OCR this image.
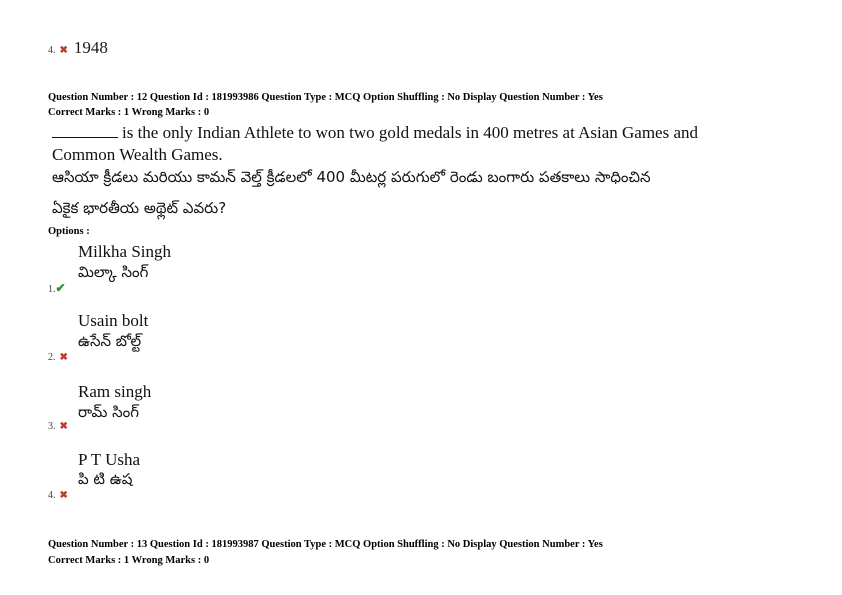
4. ✖ 1948
Question Number : 12 Question Id : 181993986 Question Type : MCQ Option Shuffling : No Display Question Number : Yes
Correct Marks : 1 Wrong Marks : 0
is the only Indian Athlete to won two gold medals in 400 metres at Asian Games and
Common Wealth Games.
ఆసియా క్రీడలు మరియు కామన్ వెల్త్ క్రీడలలో 400 మీటర్ల పరుగులో రెండు బంగారు పతకాలు సాధించిన
ఏకైక భారతీయ అథ్లెట్ ఎవరు?
Options :
Milkha Singh
మిల్కా సింగ్
1.✔
Usain bolt
ఉసేన్ బోల్ట్
2. ✖
Ram singh
రామ్ సింగ్
3. ✖
P T Usha
పి టి ఉష
4. ✖
Question Number : 13 Question Id : 181993987 Question Type : MCQ Option Shuffling : No Display Question Number : Yes
Correct Marks : 1 Wrong Marks : 0
